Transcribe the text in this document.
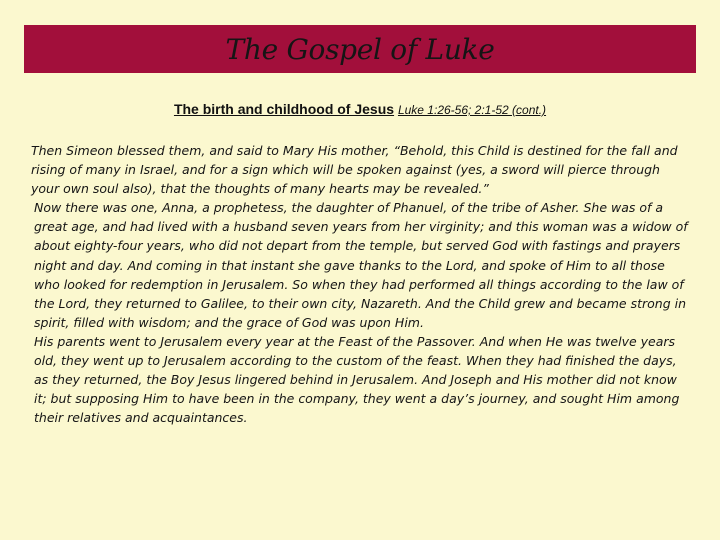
The Gospel of Luke
The birth and childhood of Jesus Luke 1:26-56; 2:1-52 (cont.)

Then Simeon blessed them, and said to Mary His mother, “Behold, this Child is destined for the fall and rising of many in Israel, and for a sign which will be spoken against (yes, a sword will pierce through your own soul also), that the thoughts of many hearts may be revealed.”

Now there was one, Anna, a prophetess, the daughter of Phanuel, of the tribe of Asher. She was of a great age, and had lived with a husband seven years from her virginity; and this woman was a widow of about eighty-four years, who did not depart from the temple, but served God with fastings and prayers night and day. And coming in that instant she gave thanks to the Lord, and spoke of Him to all those who looked for redemption in Jerusalem. So when they had performed all things according to the law of the Lord, they returned to Galilee, to their own city, Nazareth. And the Child grew and became strong in spirit, filled with wisdom; and the grace of God was upon Him.

His parents went to Jerusalem every year at the Feast of the Passover. And when He was twelve years old, they went up to Jerusalem according to the custom of the feast. When they had finished the days, as they returned, the Boy Jesus lingered behind in Jerusalem. And Joseph and His mother did not know it; but supposing Him to have been in the company, they went a day’s journey, and sought Him among their relatives and acquaintances.
